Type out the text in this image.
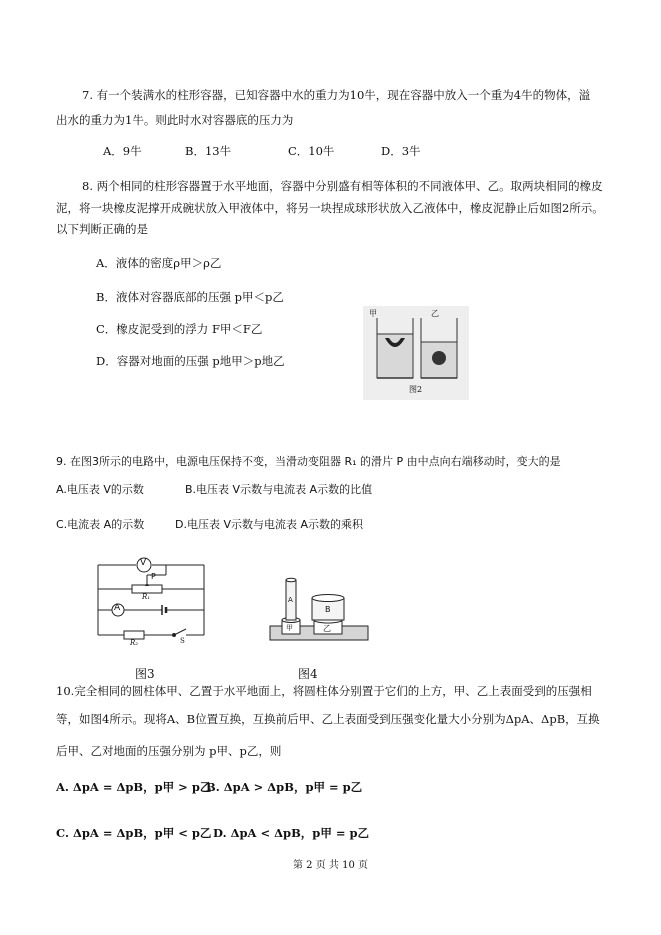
7. 有一个装满水的柱形容器，已知容器中水的重力为10牛，现在容器中放入一个重为4牛的物体，溢
出水的重力为1牛。则此时水对容器底的压力为
A．9牛	B．13牛	C．10牛	D．3牛
8. 两个相同的柱形容器置于水平地面，容器中分别盛有相等体积的不同液体甲、乙。取两块相同的橡皮
泥，将一块橡皮泥撑开成碗状放入甲液体中，将另一块捏成球形状放入乙液体中，橡皮泥静止后如图2所示。
以下判断正确的是
A．液体的密度ρ甲＞ρ乙
B．液体对容器底部的压强 p甲＜p乙
C．橡皮泥受到的浮力 F甲＜F乙
D．容器对地面的压强 p地甲＞p地乙
甲	乙
图2
9. 在图3所示的电路中，电源电压保持不变，当滑动变阻器 R₁ 的滑片 P 由中点向右端移动时，变大的是
A.电压表 V的示数	B.电压表 V示数与电流表 A示数的比值
C.电流表 A的示数	D.电压表 V示数与电流表 A示数的乘积
V
A
P
R₁
R₂	S
图3
A
B
甲	乙
图4
10.完全相同的圆柱体甲、乙置于水平地面上，将圆柱体分别置于它们的上方，甲、乙上表面受到的压强相
等，如图4所示。现将A、B位置互换，互换前后甲、乙上表面受到压强变化量大小分别为ΔpA、ΔpB，互换
后甲、乙对地面的压强分别为 p甲、p乙，则
A. ΔpA = ΔpB，p甲 > p乙
B. ΔpA > ΔpB，p甲 = p乙
C. ΔpA = ΔpB，p甲 < p乙 D. ΔpA < ΔpB，p甲 = p乙
第 2 页 共 10 页
